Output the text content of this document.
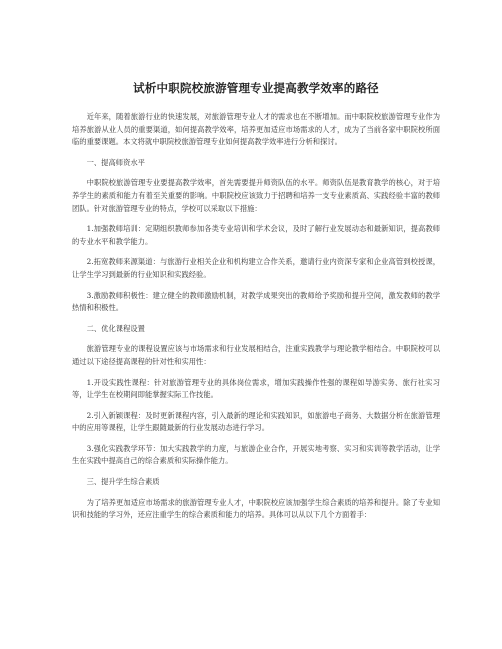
试析中职院校旅游管理专业提高教学效率的路径
近年来，随着旅游行业的快速发展，对旅游管理专业人才的需求也在不断增加。而中职院校旅游管理专业作为培养旅游从业人员的重要渠道，如何提高教学效率，培养更加适应市场需求的人才，成为了当前各家中职院校所面临的重要课题。本文将就中职院校旅游管理专业如何提高教学效率进行分析和探讨。
一、提高师资水平
中职院校旅游管理专业要提高教学效率，首先需要提升师资队伍的水平。师资队伍是教育教学的核心，对于培养学生的素质和能力有着至关重要的影响。中职院校应该致力于招聘和培养一支专业素质高、实践经验丰富的教师团队。针对旅游管理专业的特点，学校可以采取以下措施：
1.加强教师培训：定期组织教师参加各类专业培训和学术会议，及时了解行业发展动态和最新知识，提高教师的专业水平和教学能力。
2.拓宽教师来源渠道：与旅游行业相关企业和机构建立合作关系，邀请行业内资深专家和企业高管到校授课，让学生学习到最新的行业知识和实践经验。
3.激励教师积极性：建立健全的教师激励机制，对教学成果突出的教师给予奖励和提升空间，激发教师的教学热情和积极性。
二、优化课程设置
旅游管理专业的课程设置应该与市场需求和行业发展相结合，注重实践教学与理论教学相结合。中职院校可以通过以下途径提高课程的针对性和实用性：
1.开设实践性课程：针对旅游管理专业的具体岗位需求，增加实践操作性强的课程如导游实务、旅行社实习等，让学生在校期间即能掌握实际工作技能。
2.引入新颖课程：及时更新课程内容，引入最新的理论和实践知识，如旅游电子商务、大数据分析在旅游管理中的应用等课程，让学生跟随最新的行业发展动态进行学习。
3.强化实践教学环节：加大实践教学的力度，与旅游企业合作，开展实地考察、实习和实训等教学活动，让学生在实践中提高自己的综合素质和实际操作能力。
三、提升学生综合素质
为了培养更加适应市场需求的旅游管理专业人才，中职院校应该加强学生综合素质的培养和提升。除了专业知识和技能的学习外，还应注重学生的综合素质和能力的培养。具体可以从以下几个方面着手：
